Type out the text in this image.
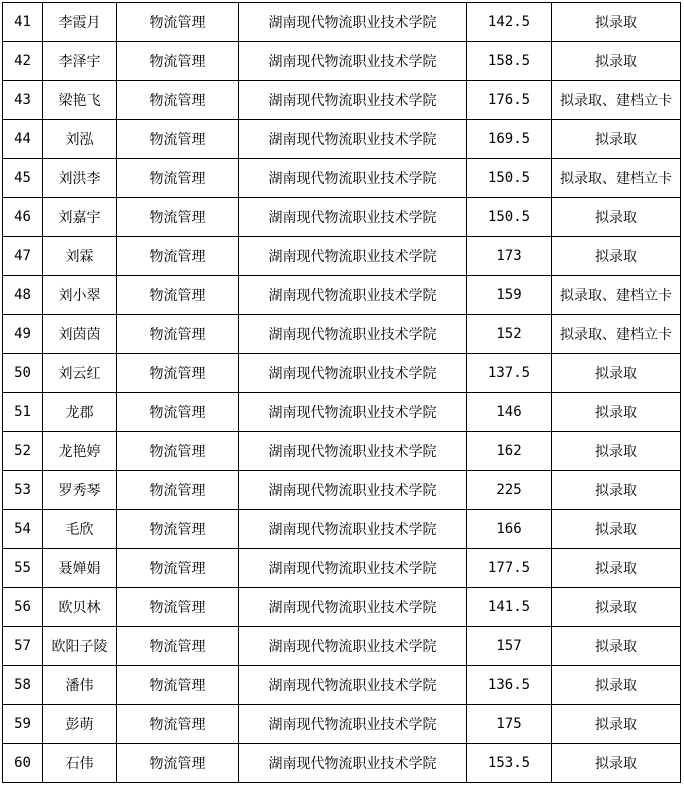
41	李霞月	物流管理	湖南现代物流职业技术学院	142.5	拟录取
42	李泽宇	物流管理	湖南现代物流职业技术学院	158.5	拟录取
43	梁艳飞	物流管理	湖南现代物流职业技术学院	176.5	拟录取、建档立卡
44	刘泓	物流管理	湖南现代物流职业技术学院	169.5	拟录取
45	刘洪李	物流管理	湖南现代物流职业技术学院	150.5	拟录取、建档立卡
46	刘嘉宇	物流管理	湖南现代物流职业技术学院	150.5	拟录取
47	刘霖	物流管理	湖南现代物流职业技术学院	173	拟录取
48	刘小翠	物流管理	湖南现代物流职业技术学院	159	拟录取、建档立卡
49	刘茵茵	物流管理	湖南现代物流职业技术学院	152	拟录取、建档立卡
50	刘云红	物流管理	湖南现代物流职业技术学院	137.5	拟录取
51	龙郡	物流管理	湖南现代物流职业技术学院	146	拟录取
52	龙艳婷	物流管理	湖南现代物流职业技术学院	162	拟录取
53	罗秀琴	物流管理	湖南现代物流职业技术学院	225	拟录取
54	毛欣	物流管理	湖南现代物流职业技术学院	166	拟录取
55	聂婵娟	物流管理	湖南现代物流职业技术学院	177.5	拟录取
56	欧贝林	物流管理	湖南现代物流职业技术学院	141.5	拟录取
57	欧阳子陵	物流管理	湖南现代物流职业技术学院	157	拟录取
58	潘伟	物流管理	湖南现代物流职业技术学院	136.5	拟录取
59	彭萌	物流管理	湖南现代物流职业技术学院	175	拟录取
60	石伟	物流管理	湖南现代物流职业技术学院	153.5	拟录取
